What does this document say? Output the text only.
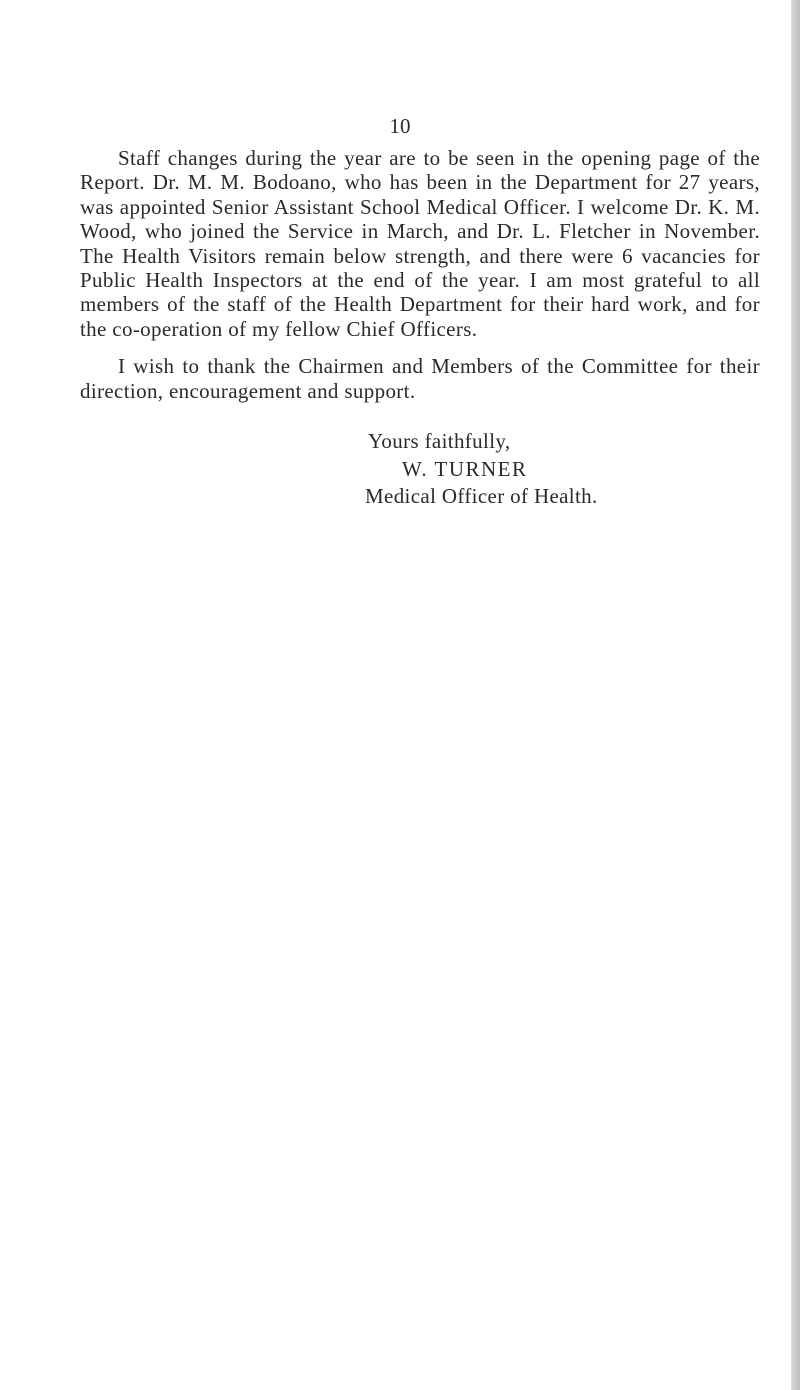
10

Staff changes during the year are to be seen in the opening page of the Report. Dr. M. M. Bodoano, who has been in the Department for 27 years, was appointed Senior Assistant School Medical Officer. I welcome Dr. K. M. Wood, who joined the Service in March, and Dr. L. Fletcher in November. The Health Visitors remain below strength, and there were 6 vacancies for Public Health Inspectors at the end of the year. I am most grateful to all members of the staff of the Health Department for their hard work, and for the co-operation of my fellow Chief Officers.

I wish to thank the Chairmen and Members of the Committee for their direction, encouragement and support.

Yours faithfully,
W. TURNER
Medical Officer of Health.
